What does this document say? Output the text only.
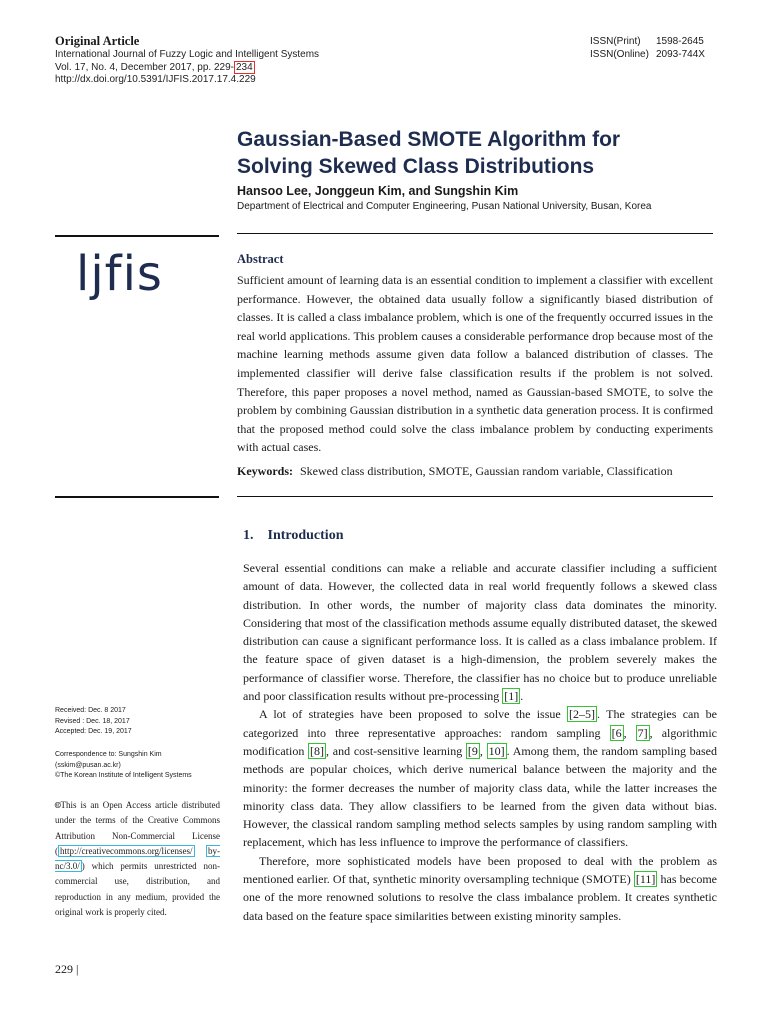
Original Article
International Journal of Fuzzy Logic and Intelligent Systems
Vol. 17, No. 4, December 2017, pp. 229- 234
http://dx.doi.org/10.5391/IJFIS.2017.17.4.229
ISSN(Print) 1598-2645
ISSN(Online) 2093-744X
Gaussian-Based SMOTE Algorithm for
Solving Skewed Class Distributions
Hansoo Lee, Jonggeun Kim, and Sungshin Kim
Department of Electrical and Computer Engineering, Pusan National University, Busan, Korea
ljfis	Abstract
Sufficient amount of learning data is an essential condition to implement a classifier with excellent performance. However, the obtained data usually follow a significantly biased distribution of classes. It is called a class imbalance problem, which is one of the frequently occurred issues in the real world applications. This problem causes a considerable performance drop because most of the machine learning methods assume given data follow a balanced distribution of classes. The implemented classifier will derive false classification results if the problem is not solved. Therefore, this paper proposes a novel method, named as Gaussian-based SMOTE, to solve the problem by combining Gaussian distribution in a synthetic data generation process. It is confirmed that the proposed method could solve the class imbalance problem by conducting experiments with actual cases.
Keywords: Skewed class distribution, SMOTE, Gaussian random variable, Classification
1. Introduction

Several essential conditions can make a reliable and accurate classifier including a sufficient amount of data. However, the collected data in real world frequently follows a skewed class distribution. In other words, the number of majority class data dominates the minority. Considering that most of the classification methods assume equally distributed dataset, the skewed distribution can cause a significant performance loss. It is called as a class imbalance problem. If the feature space of given dataset is a high-dimension, the problem severely makes the performance of classifier worse. Therefore, the classifier has no choice but to produce unreliable and poor classification results without pre-processing [1] .

A lot of strategies have been proposed to solve the issue [2–5] . The strategies can be categorized into three representative approaches: random sampling [6 , 7] , algorithmic modification [8] , and cost-sensitive learning [9 , 10] . Among them, the random sampling based methods are popular choices, which derive numerical balance between the majority and the minority: the former decreases the number of majority class data, while the latter increases the minority class data. They allow classifiers to be learned from the given data without bias. However, the classical random sampling method selects samples by using random sampling with replacement, which has less influence to improve the performance of classifiers.

Therefore, more sophisticated models have been proposed to deal with the problem as mentioned earlier. Of that, synthetic minority oversampling technique (SMOTE) [11] has become one of the more renowned solutions to resolve the class imbalance problem. It creates synthetic data based on the feature space similarities between existing minority samples.

Received: Dec. 8 2017
Revised : Dec. 18, 2017
Accepted: Dec. 19, 2017
Correspondence to: Sungshin Kim
(sskim@pusan.ac.kr)
©The Korean Institute of Intelligent Systems
🅭This is an Open Access article distributed under the terms of the Creative Commons Attribution Non-Commercial License ( http://creativecommons.org/licenses/ by-nc/3.0/ ) which permits unrestricted non-commercial use, distribution, and reproduction in any medium, provided the original work is properly cited.
229 |
